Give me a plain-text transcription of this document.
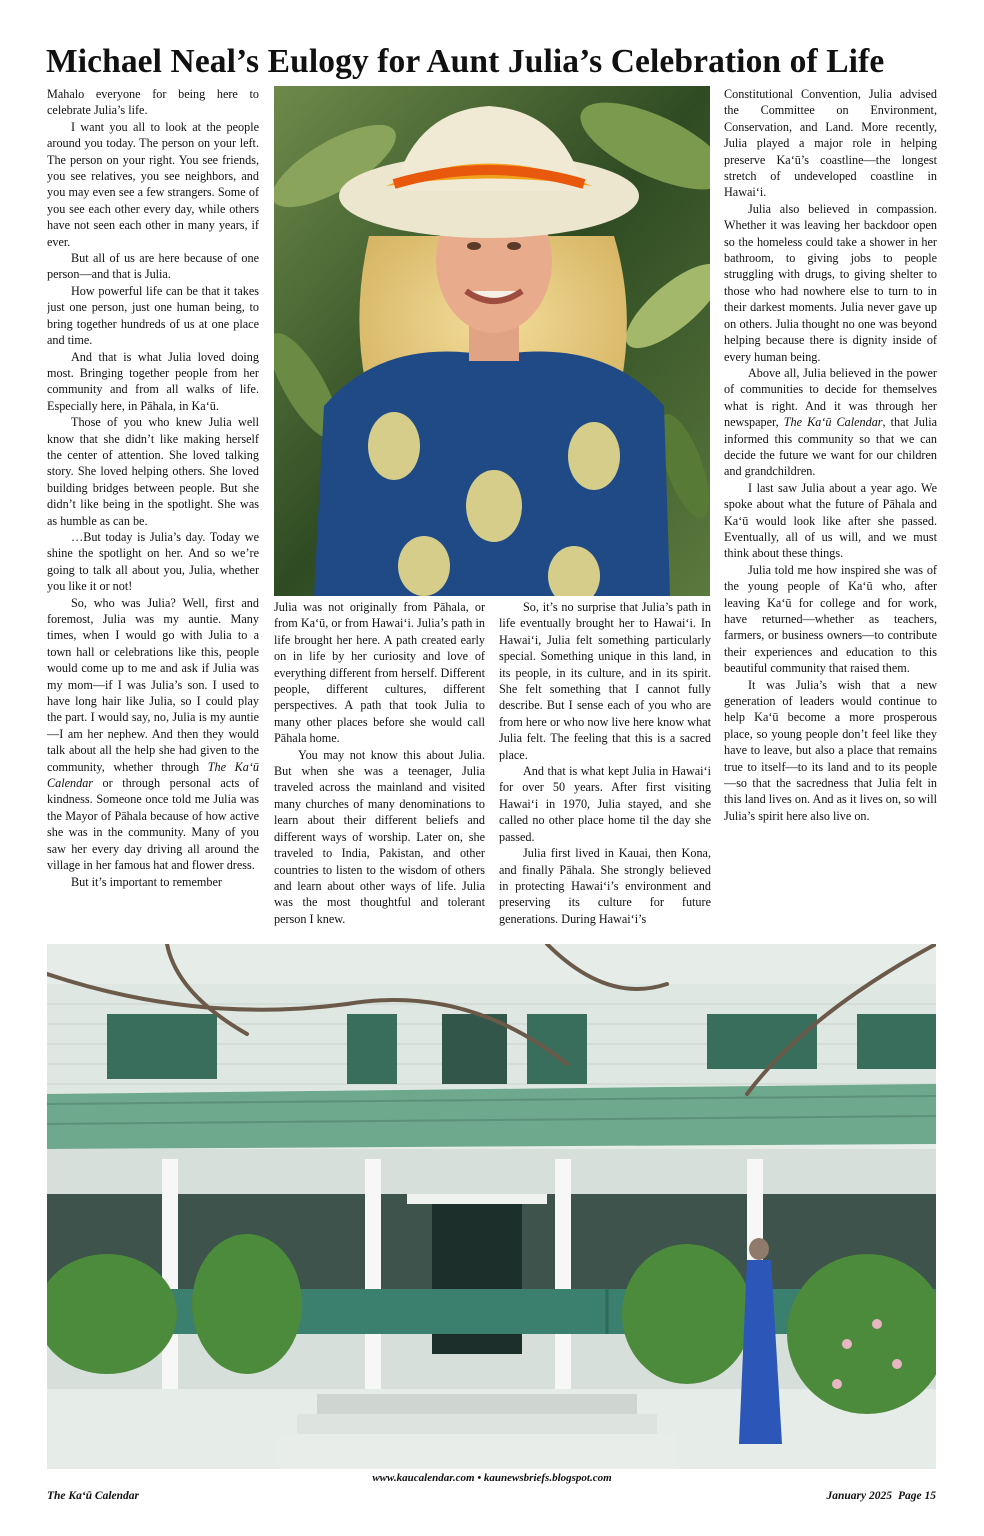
Michael Neal’s Eulogy for Aunt Julia’s Celebration of Life

Mahalo everyone for being here to celebrate Julia’s life.

I want you all to look at the people around you today. The person on your left. The person on your right. You see friends, you see relatives, you see neighbors, and you may even see a few strangers. Some of you see each other every day, while others have not seen each other in many years, if ever.

But all of us are here because of one person—and that is Julia.

How powerful life can be that it takes just one person, just one human being, to bring together hundreds of us at one place and time.

And that is what Julia loved doing most. Bringing together people from her community and from all walks of life. Especially here, in Pāhala, in Kaʻū.

Those of you who knew Julia well know that she didn’t like making herself the center of attention. She loved talking story. She loved helping others. She loved building bridges between people. But she didn’t like being in the spotlight. She was as humble as can be.

…But today is Julia’s day. Today we shine the spotlight on her. And so we’re going to talk all about you, Julia, whether you like it or not!

So, who was Julia? Well, first and foremost, Julia was my auntie. Many times, when I would go with Julia to a town hall or celebrations like this, people would come up to me and ask if Julia was my mom—if I was Julia’s son. I used to have long hair like Julia, so I could play the part. I would say, no, Julia is my auntie—I am her nephew. And then they would talk about all the help she had given to the community, whether through The Kaʻū Calendar or through personal acts of kindness. Someone once told me Julia was the Mayor of Pāhala because of how active she was in the community. Many of you saw her every day driving all around the village in her famous hat and flower dress.

But it’s important to remember

Julia was not originally from Pāhala, or from Kaʻū, or from Hawaiʻi. Julia’s path in life brought her here. A path created early on in life by her curiosity and love of everything different from herself. Different people, different cultures, different perspectives. A path that took Julia to many other places before she would call Pāhala home.

You may not know this about Julia. But when she was a teenager, Julia traveled across the mainland and visited many churches of many denominations to learn about their different beliefs and different ways of worship. Later on, she traveled to India, Pakistan, and other countries to listen to the wisdom of others and learn about other ways of life. Julia was the most thoughtful and tolerant person I knew.

So, it’s no surprise that Julia’s path in life eventually brought her to Hawaiʻi. In Hawaiʻi, Julia felt something particularly special. Something unique in this land, in its people, in its culture, and in its spirit. She felt something that I cannot fully describe. But I sense each of you who are from here or who now live here know what Julia felt. The feeling that this is a sacred place.

And that is what kept Julia in Hawaiʻi for over 50 years. After first visiting Hawaiʻi in 1970, Julia stayed, and she called no other place home til the day she passed.

Julia first lived in Kauai, then Kona, and finally Pāhala. She strongly believed in protecting Hawaiʻi’s environment and preserving its culture for future generations. During Hawaiʻi’s

Constitutional Convention, Julia advised the Committee on Environment, Conservation, and Land. More recently, Julia played a major role in helping preserve Kaʻū’s coastline—the longest stretch of undeveloped coastline in Hawaiʻi.

Julia also believed in compassion. Whether it was leaving her backdoor open so the homeless could take a shower in her bathroom, to giving jobs to people struggling with drugs, to giving shelter to those who had nowhere else to turn to in their darkest moments. Julia never gave up on others. Julia thought no one was beyond helping because there is dignity inside of every human being.

Above all, Julia believed in the power of communities to decide for themselves what is right. And it was through her newspaper, The Kaʻū Calendar, that Julia informed this community so that we can decide the future we want for our children and grandchildren.

I last saw Julia about a year ago. We spoke about what the future of Pāhala and Kaʻū would look like after she passed. Eventually, all of us will, and we must think about these things.

Julia told me how inspired she was of the young people of Kaʻū who, after leaving Kaʻū for college and for work, have returned—whether as teachers, farmers, or business owners—to contribute their experiences and education to this beautiful community that raised them.

It was Julia’s wish that a new generation of leaders would continue to help Kaʻū become a more prosperous place, so young people don’t feel like they have to leave, but also a place that remains true to itself—to its land and to its people—so that the sacredness that Julia felt in this land lives on. And as it lives on, so will Julia’s spirit here also live on.

www.kaucalendar.com • kaunewsbriefs.blogspot.com
The Kaʻū Calendar	January 2025 Page 15
